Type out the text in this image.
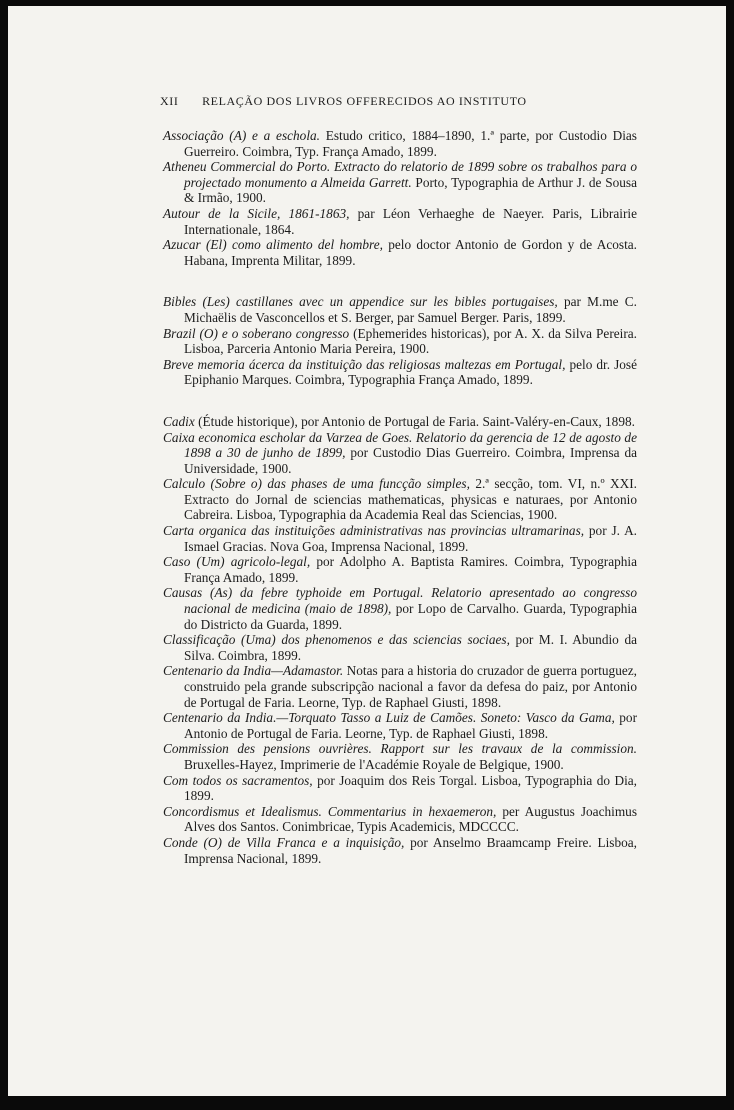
XII RELAÇÃO DOS LIVROS OFFERECIDOS AO INSTITUTO

Associação (A) e a eschola. Estudo critico, 1884–1890, 1.ª parte, por Custodio Dias Guerreiro. Coimbra, Typ. França Amado, 1899.

Atheneu Commercial do Porto. Extracto do relatorio de 1899 sobre os trabalhos para o projectado monumento a Almeida Garrett. Porto, Typographia de Arthur J. de Sousa & Irmão, 1900.

Autour de la Sicile, 1861-1863, par Léon Verhaeghe de Naeyer. Paris, Librairie Internationale, 1864.

Azucar (El) como alimento del hombre, pelo doctor Antonio de Gordon y de Acosta. Habana, Imprenta Militar, 1899.

Bibles (Les) castillanes avec un appendice sur les bibles portugaises, par M.me C. Michaëlis de Vasconcellos et S. Berger, par Samuel Berger. Paris, 1899.

Brazil (O) e o soberano congresso (Ephemerides historicas), por A. X. da Silva Pereira. Lisboa, Parceria Antonio Maria Pereira, 1900.

Breve memoria ácerca da instituição das religiosas maltezas em Portugal, pelo dr. José Epiphanio Marques. Coimbra, Typographia França Amado, 1899.

Cadix (Étude historique), por Antonio de Portugal de Faria. Saint-Valéry-en-Caux, 1898.

Caixa economica escholar da Varzea de Goes. Relatorio da gerencia de 12 de agosto de 1898 a 30 de junho de 1899, por Custodio Dias Guerreiro. Coimbra, Imprensa da Universidade, 1900.

Calculo (Sobre o) das phases de uma funcção simples, 2.ª secção, tom. VI, n.º XXI. Extracto do Jornal de sciencias mathematicas, physicas e naturaes, por Antonio Cabreira. Lisboa, Typographia da Academia Real das Sciencias, 1900.

Carta organica das instituições administrativas nas provincias ultramarinas, por J. A. Ismael Gracias. Nova Goa, Imprensa Nacional, 1899.

Caso (Um) agricolo-legal, por Adolpho A. Baptista Ramires. Coimbra, Typographia França Amado, 1899.

Causas (As) da febre typhoide em Portugal. Relatorio apresentado ao congresso nacional de medicina (maio de 1898), por Lopo de Carvalho. Guarda, Typographia do Districto da Guarda, 1899.

Classificação (Uma) dos phenomenos e das sciencias sociaes, por M. I. Abundio da Silva. Coimbra, 1899.

Centenario da India—Adamastor. Notas para a historia do cruzador de guerra portuguez, construido pela grande subscripção nacional a favor da defesa do paiz, por Antonio de Portugal de Faria. Leorne, Typ. de Raphael Giusti, 1898.

Centenario da India.—Torquato Tasso a Luiz de Camões. Soneto: Vasco da Gama, por Antonio de Portugal de Faria. Leorne, Typ. de Raphael Giusti, 1898.

Commission des pensions ouvrières. Rapport sur les travaux de la commission. Bruxelles-Hayez, Imprimerie de l'Académie Royale de Belgique, 1900.

Com todos os sacramentos, por Joaquim dos Reis Torgal. Lisboa, Typographia do Dia, 1899.

Concordismus et Idealismus. Commentarius in hexaemeron, per Augustus Joachimus Alves dos Santos. Conimbricae, Typis Academicis, MDCCCC.

Conde (O) de Villa Franca e a inquisição, por Anselmo Braamcamp Freire. Lisboa, Imprensa Nacional, 1899.
